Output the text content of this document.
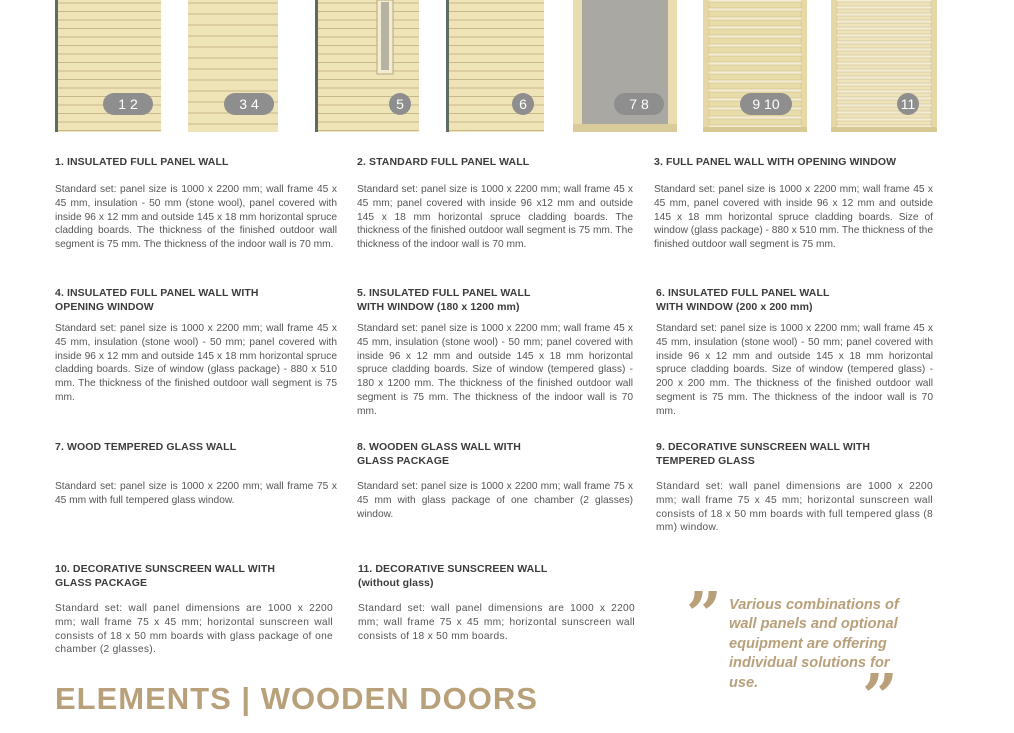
1 2	3 4	5	6	7 8	9 10	11
1. INSULATED FULL PANEL WALL

Standard set: panel size is 1000 x 2200 mm; wall frame 45 x 45 mm, insulation - 50 mm (stone wool), panel covered with inside 96 x 12 mm and outside 145 x 18 mm horizontal spruce cladding boards. The thickness of the finished outdoor wall segment is 75 mm. The thickness of the indoor wall is 70 mm.

2. STANDARD FULL PANEL WALL

Standard set: panel size is 1000 x 2200 mm; wall frame 45 x 45 mm; panel covered with inside 96 x12 mm and outside 145 x 18 mm horizontal spruce cladding boards. The thickness of the finished outdoor wall segment is 75 mm. The thickness of the indoor wall is 70 mm.

3. FULL PANEL WALL WITH OPENING WINDOW

Standard set: panel size is 1000 x 2200 mm; wall frame 45 x 45 mm, panel covered with inside 96 x 12 mm and outside 145 x 18 mm horizontal spruce cladding boards. Size of window (glass package) - 880 x 510 mm. The thickness of the finished outdoor wall segment is 75 mm.

4. INSULATED FULL PANEL WALL WITH
OPENING WINDOW

Standard set: panel size is 1000 x 2200 mm; wall frame 45 x 45 mm, insulation (stone wool) - 50 mm; panel covered with inside 96 x 12 mm and outside 145 x 18 mm horizontal spruce cladding boards. Size of window (glass package) - 880 x 510 mm. The thickness of the finished outdoor wall segment is 75 mm.

5. INSULATED FULL PANEL WALL
WITH WINDOW (180 x 1200 mm)

Standard set: panel size is 1000 x 2200 mm; wall frame 45 x 45 mm, insulation (stone wool) - 50 mm; panel covered with inside 96 x 12 mm and outside 145 x 18 mm horizontal spruce cladding boards. Size of window (tempered glass) - 180 x 1200 mm. The thickness of the finished outdoor wall segment is 75 mm. The thickness of the indoor wall is 70 mm.

6. INSULATED FULL PANEL WALL
WITH WINDOW (200 x 200 mm)

Standard set: panel size is 1000 x 2200 mm; wall frame 45 x 45 mm, insulation (stone wool) - 50 mm; panel covered with inside 96 x 12 mm and outside 145 x 18 mm horizontal spruce cladding boards. Size of window (tempered glass) - 200 x 200 mm. The thickness of the finished outdoor wall segment is 75 mm. The thickness of the indoor wall is 70 mm.

7. WOOD TEMPERED GLASS WALL

Standard set: panel size is 1000 x 2200 mm; wall frame 75 x 45 mm with full tempered glass window.

8. WOODEN GLASS WALL WITH
GLASS PACKAGE

Standard set: panel size is 1000 x 2200 mm; wall frame 75 x 45 mm with glass package of one chamber (2 glasses) window.

9. DECORATIVE SUNSCREEN WALL WITH
TEMPERED GLASS

Standard set: wall panel dimensions are 1000 x 2200 mm; wall frame 75 x 45 mm; horizontal sunscreen wall consists of 18 x 50 mm boards with full tempered glass (8 mm) window.

10. DECORATIVE SUNSCREEN WALL WITH
GLASS PACKAGE

Standard set: wall panel dimensions are 1000 x 2200 mm; wall frame 75 x 45 mm; horizontal sunscreen wall consists of 18 x 50 mm boards with glass package of one chamber (2 glasses).

11. DECORATIVE SUNSCREEN WALL
(without glass)

Standard set: wall panel dimensions are 1000 x 2200 mm; wall frame 75 x 45 mm; horizontal sunscreen wall consists of 18 x 50 mm boards.	” Various combinations of wall panels and optional equipment are offering individual solutions for use.	”
ELEMENTS | WOODEN DOORS
